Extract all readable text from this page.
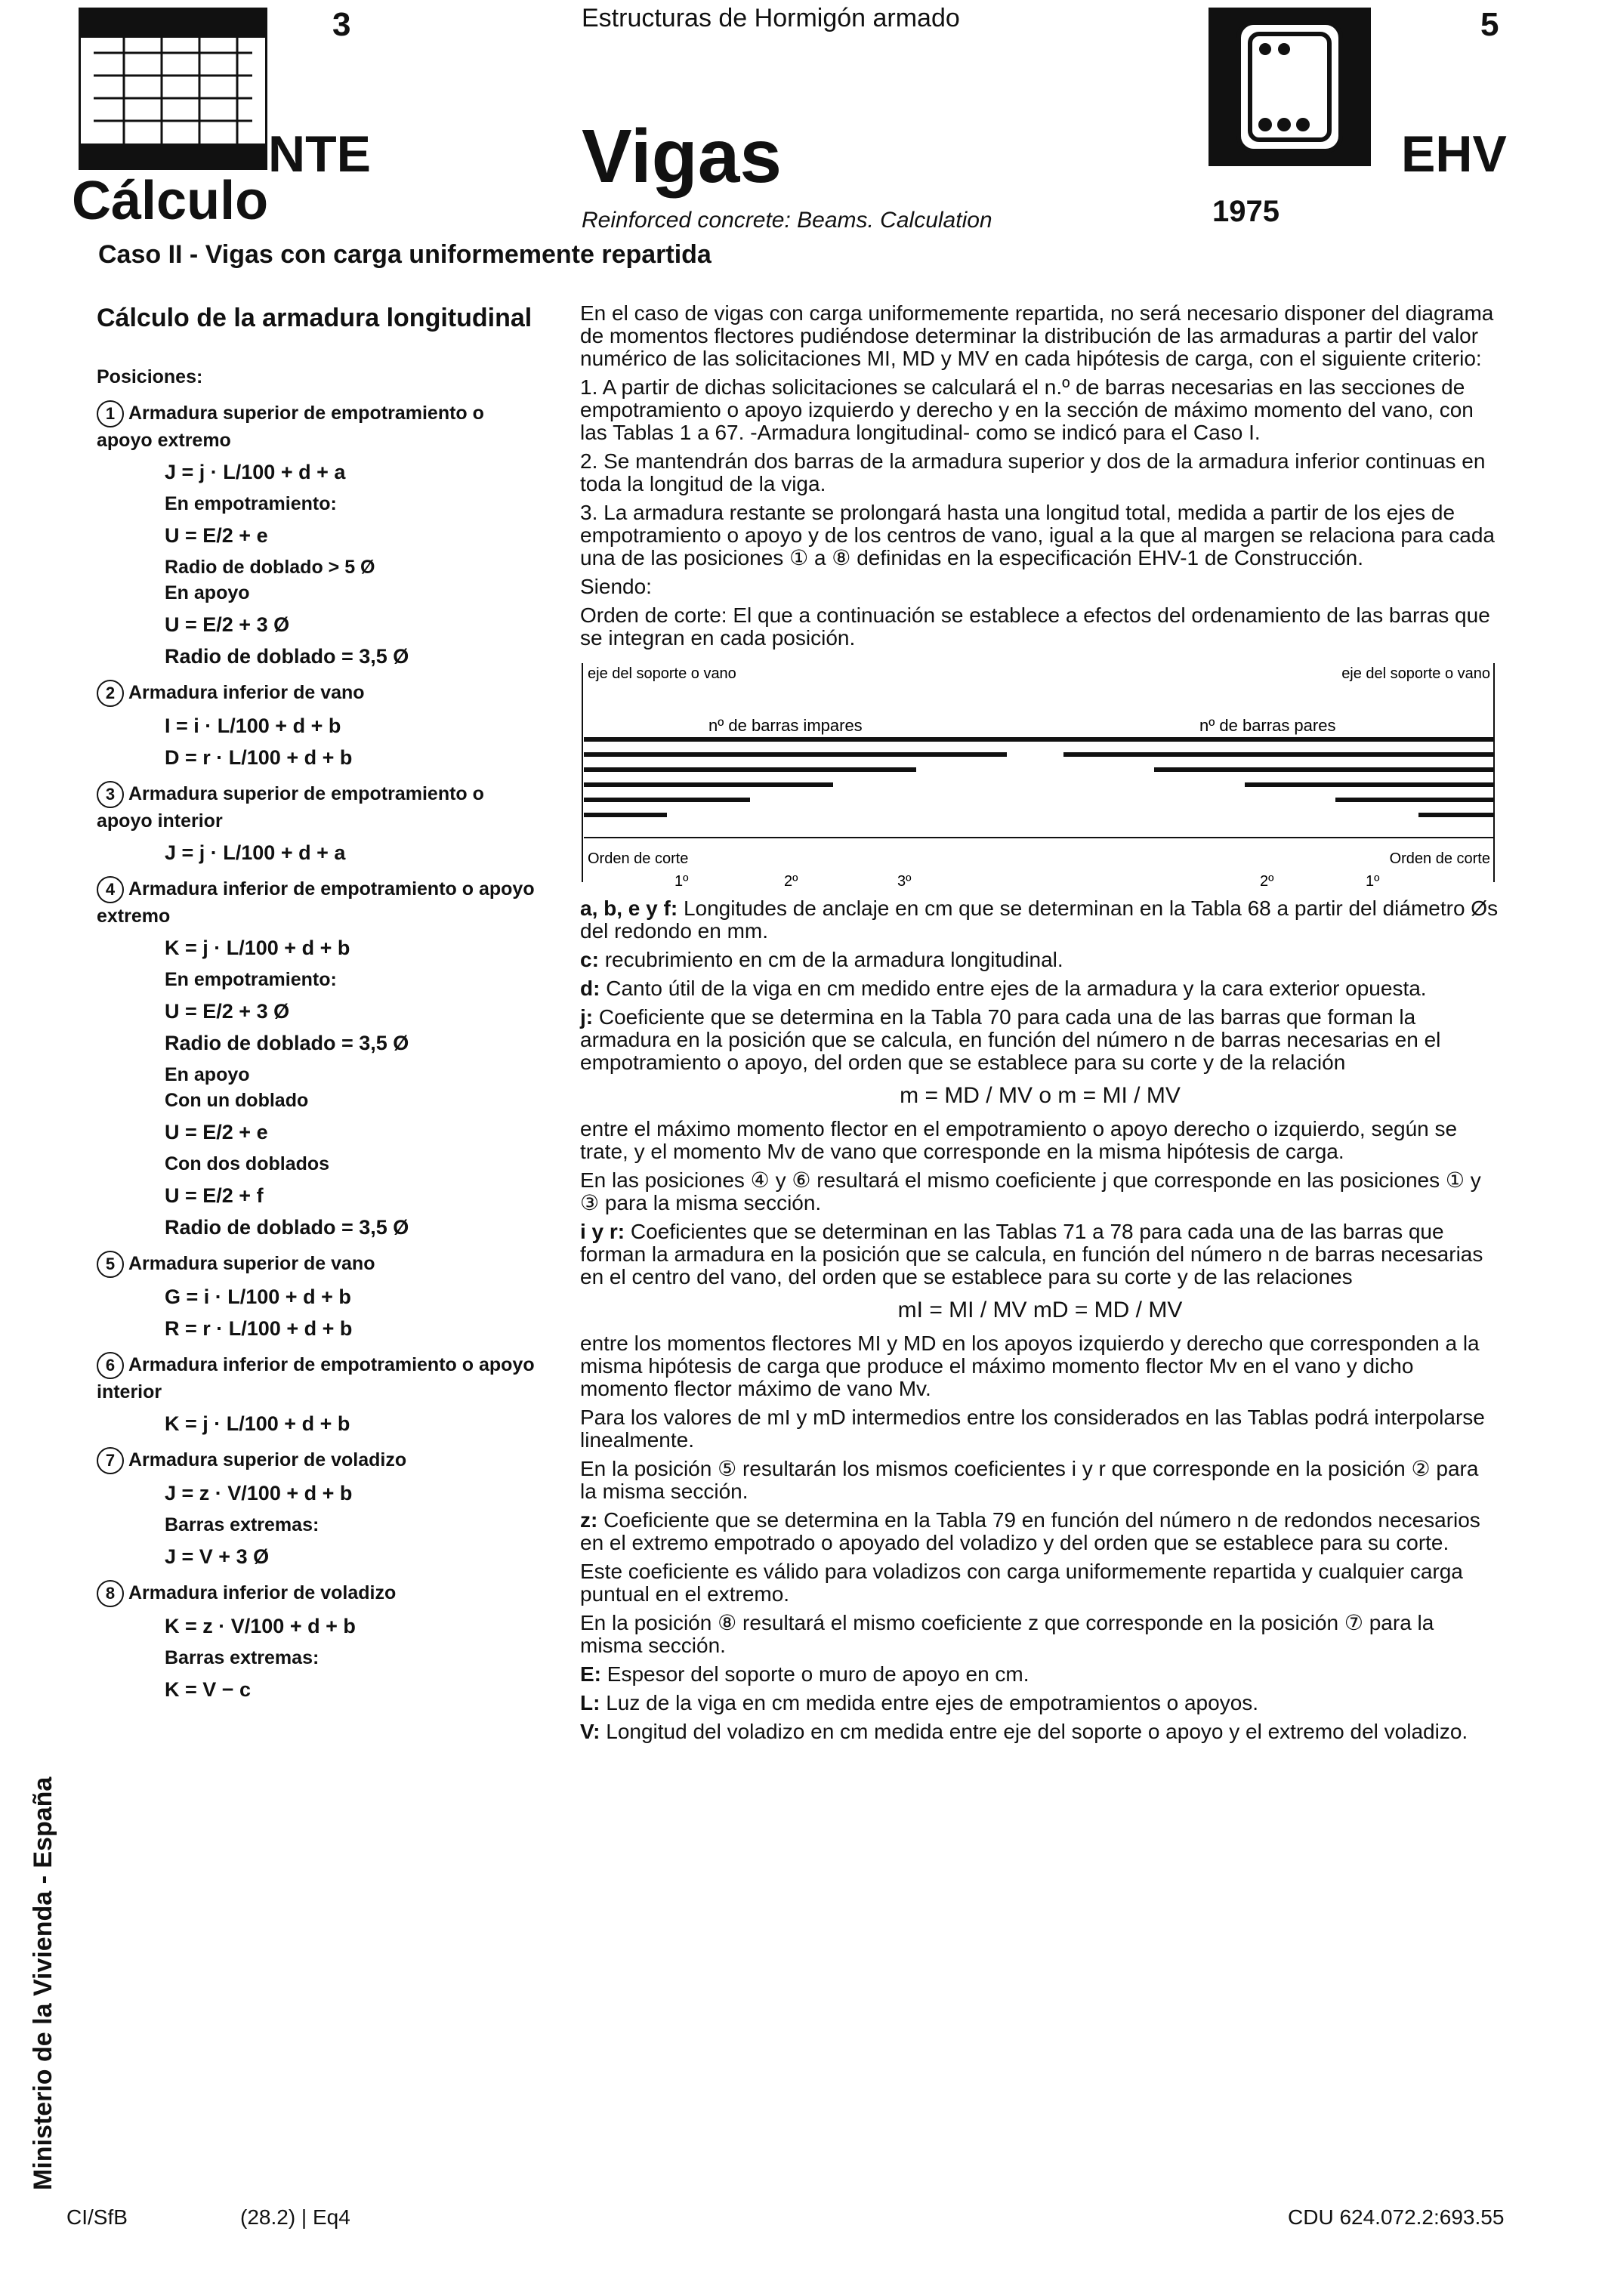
3	Estructuras de Hormigón armado	5
NTE
Cálculo
Vigas
Reinforced concrete: Beams. Calculation
EHV
1975
Caso II - Vigas con carga uniformemente repartida
Cálculo de la armadura longitudinal
Posiciones:
1 Armadura superior de empotramiento o apoyo extremo
J = j · L/100 + d + a
En empotramiento:
U = E/2 + e
Radio de doblado > 5 Ø
En apoyo
U = E/2 + 3 Ø
Radio de doblado = 3,5 Ø
2 Armadura inferior de vano
I = i · L/100 + d + b
D = r · L/100 + d + b
3 Armadura superior de empotramiento o apoyo interior
J = j · L/100 + d + a
4 Armadura inferior de empotramiento o apoyo extremo
K = j · L/100 + d + b
En empotramiento:
U = E/2 + 3 Ø
Radio de doblado = 3,5 Ø
En apoyo
Con un doblado
U = E/2 + e
Con dos doblados
U = E/2 + f
Radio de doblado = 3,5 Ø
5 Armadura superior de vano
G = i · L/100 + d + b
R = r · L/100 + d + b
6 Armadura inferior de empotramiento o apoyo interior
K = j · L/100 + d + b
7 Armadura superior de voladizo
J = z · V/100 + d + b
Barras extremas:
J = V + 3 Ø
8 Armadura inferior de voladizo
K = z · V/100 + d + b
Barras extremas:
K = V − c

En el caso de vigas con carga uniformemente repartida, no será necesario disponer del diagrama de momentos flectores pudiéndose determinar la distribución de las armaduras a partir del valor numérico de las solicitaciones MI, MD y MV en cada hipótesis de carga, con el siguiente criterio:

1. A partir de dichas solicitaciones se calculará el n.º de barras necesarias en las secciones de empotramiento o apoyo izquierdo y derecho y en la sección de máximo momento del vano, con las Tablas 1 a 67. -Armadura longitudinal- como se indicó para el Caso I.

2. Se mantendrán dos barras de la armadura superior y dos de la armadura inferior continuas en toda la longitud de la viga.

3. La armadura restante se prolongará hasta una longitud total, medida a partir de los ejes de empotramiento o apoyo y de los centros de vano, igual a la que al margen se relaciona para cada una de las posiciones ① a ⑧ definidas en la especificación EHV-1 de Construcción.

Siendo:

Orden de corte: El que a continuación se establece a efectos del ordenamiento de las barras que se integran en cada posición.

eje del soporte o vano	eje del soporte o vano
nº de barras impares	nº de barras pares
Orden de corte	Orden de corte
1º	2º	3º	2º	1º

a, b, e y f: Longitudes de anclaje en cm que se determinan en la Tabla 68 a partir del diámetro Øs del redondo en mm.

c: recubrimiento en cm de la armadura longitudinal.

d: Canto útil de la viga en cm medido entre ejes de la armadura y la cara exterior opuesta.

j: Coeficiente que se determina en la Tabla 70 para cada una de las barras que forman la armadura en la posición que se calcula, en función del número n de barras necesarias en el empotramiento o apoyo, del orden que se establece para su corte y de la relación

m = MD / MV o m = MI / MV

entre el máximo momento flector en el empotramiento o apoyo derecho o izquierdo, según se trate, y el momento Mv de vano que corresponde en la misma hipótesis de carga.

En las posiciones ④ y ⑥ resultará el mismo coeficiente j que corresponde en las posiciones ① y ③ para la misma sección.

i y r: Coeficientes que se determinan en las Tablas 71 a 78 para cada una de las barras que forman la armadura en la posición que se calcula, en función del número n de barras necesarias en el centro del vano, del orden que se establece para su corte y de las relaciones

mI = MI / MV mD = MD / MV

entre los momentos flectores MI y MD en los apoyos izquierdo y derecho que corresponden a la misma hipótesis de carga que produce el máximo momento flector Mv en el vano y dicho momento flector máximo de vano Mv.

Para los valores de mI y mD intermedios entre los considerados en las Tablas podrá interpolarse linealmente.

En la posición ⑤ resultarán los mismos coeficientes i y r que corresponde en la posición ② para la misma sección.

z: Coeficiente que se determina en la Tabla 79 en función del número n de redondos necesarios en el extremo empotrado o apoyado del voladizo y del orden que se establece para su corte.

Este coeficiente es válido para voladizos con carga uniformemente repartida y cualquier carga puntual en el extremo.

En la posición ⑧ resultará el mismo coeficiente z que corresponde en la posición ⑦ para la misma sección.

E: Espesor del soporte o muro de apoyo en cm.

L: Luz de la viga en cm medida entre ejes de empotramientos o apoyos.

V: Longitud del voladizo en cm medida entre eje del soporte o apoyo y el extremo del voladizo.

Ministerio de la Vivienda - España
CI/SfB	(28.2) | Eq4	CDU 624.072.2:693.55
